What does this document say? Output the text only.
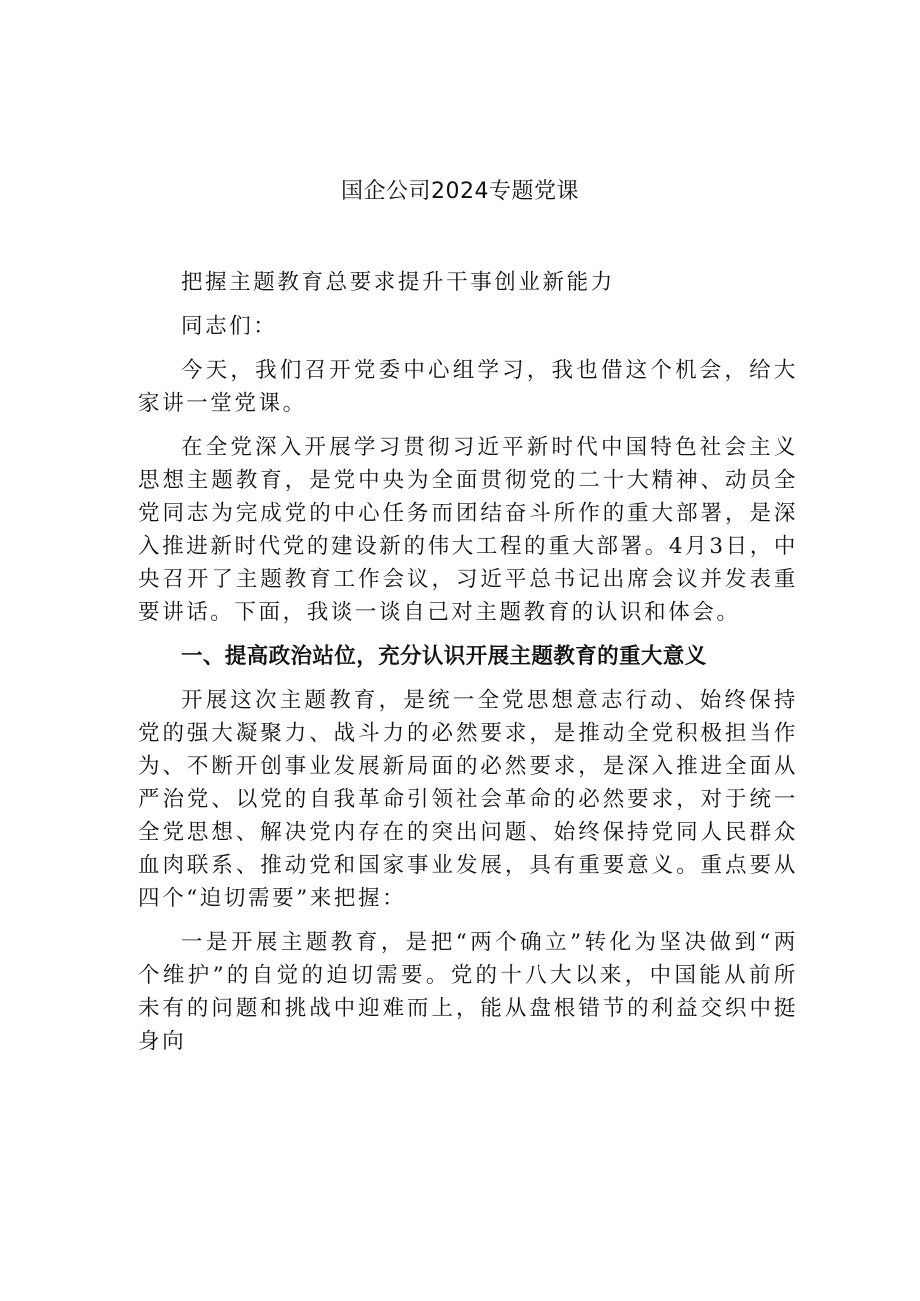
国企公司2024专题党课

把握主题教育总要求提升干事创业新能力

同志们：

今天，我们召开党委中心组学习，我也借这个机会，给大家讲一堂党课。

在全党深入开展学习贯彻习近平新时代中国特色社会主义思想主题教育，是党中央为全面贯彻党的二十大精神、动员全党同志为完成党的中心任务而团结奋斗所作的重大部署，是深入推进新时代党的建设新的伟大工程的重大部署。4月3日，中央召开了主题教育工作会议，习近平总书记出席会议并发表重要讲话。下面，我谈一谈自己对主题教育的认识和体会。

一、提高政治站位，充分认识开展主题教育的重大意义

开展这次主题教育，是统一全党思想意志行动、始终保持党的强大凝聚力、战斗力的必然要求，是推动全党积极担当作为、不断开创事业发展新局面的必然要求，是深入推进全面从严治党、以党的自我革命引领社会革命的必然要求，对于统一全党思想、解决党内存在的突出问题、始终保持党同人民群众血肉联系、推动党和国家事业发展，具有重要意义。重点要从四个“迫切需要”来把握：

一是开展主题教育，是把“两个确立”转化为坚决做到“两个维护”的自觉的迫切需要。党的十八大以来，中国能从前所未有的问题和挑战中迎难而上，能从盘根错节的利益交织中挺身向
